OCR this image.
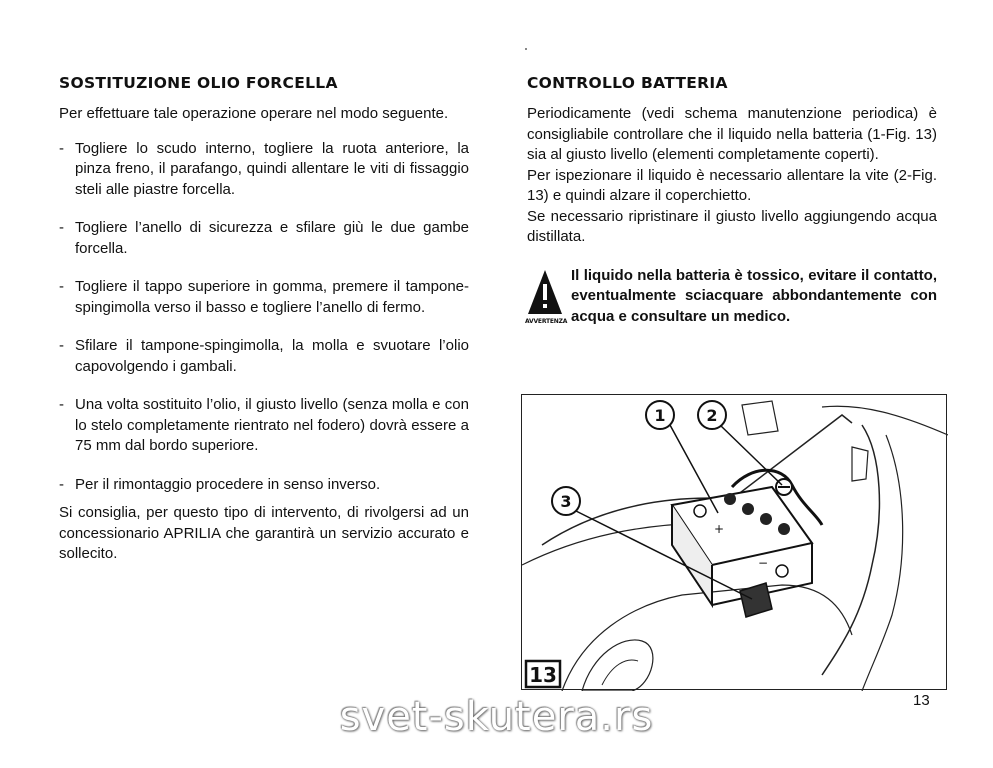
SOSTITUZIONE OLIO FORCELLA

Per effettuare tale operazione operare nel modo seguente.

- Togliere lo scudo interno, togliere la ruota anteriore, la pinza freno, il parafango, quindi allentare le viti di fissaggio steli alle piastre forcella.
- Togliere l’anello di sicurezza e sfilare giù le due gambe forcella.
- Togliere il tappo superiore in gomma, premere il tampone-spingimolla verso il basso e togliere l’anello di fermo.
- Sfilare il tampone-spingimolla, la molla e svuotare l’olio capovolgendo i gambali.
- Una volta sostituito l’olio, il giusto livello (senza molla e con lo stelo completamente rientrato nel fodero) dovrà essere a 75 mm dal bordo superiore.
- Per il rimontaggio procedere in senso inverso.

Si consiglia, per questo tipo di intervento, di rivolgersi ad un concessionario APRILIA che garantirà un servizio accurato e sollecito.

CONTROLLO BATTERIA

Periodicamente (vedi schema manutenzione periodica) è consigliabile controllare che il liquido nella batteria (1-Fig. 13) sia al giusto livello (elementi completamente coperti).

Per ispezionare il liquido è necessario allentare la vite (2-Fig. 13) e quindi alzare il coperchietto.

Se necessario ripristinare il giusto livello aggiungendo acqua distillata.

AVVERTENZA
Il liquido nella batteria è tossico, evitare il contatto, eventualmente sciacquare abbondantemente con acqua e consultare un medico.
+
−
1	2
3
13
13
svet-skutera.rs
